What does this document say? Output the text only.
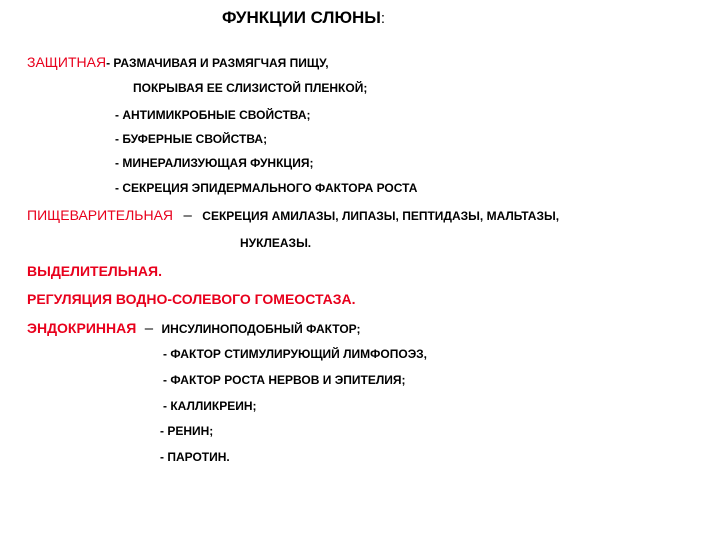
ФУНКЦИИ СЛЮНЫ:
ЗАЩИТНАЯ- РАЗМАЧИВАЯ И РАЗМЯГЧАЯ ПИЩУ,
ПОКРЫВАЯ ЕЕ СЛИЗИСТОЙ ПЛЕНКОЙ;
- АНТИМИКРОБНЫЕ СВОЙСТВА;
- БУФЕРНЫЕ СВОЙСТВА;
- МИНЕРАЛИЗУЮЩАЯ ФУНКЦИЯ;
- СЕКРЕЦИЯ ЭПИДЕРМАЛЬНОГО ФАКТОРА РОСТА
ПИЩЕВАРИТЕЛЬНАЯ – СЕКРЕЦИЯ АМИЛАЗЫ, ЛИПАЗЫ, ПЕПТИДАЗЫ, МАЛЬТАЗЫ,
НУКЛЕАЗЫ.
ВЫДЕЛИТЕЛЬНАЯ.
РЕГУЛЯЦИЯ ВОДНО-СОЛЕВОГО ГОМЕОСТАЗА.
ЭНДОКРИННАЯ – ИНСУЛИНОПОДОБНЫЙ ФАКТОР;
- ФАКТОР СТИМУЛИРУЮЩИЙ ЛИМФОПОЭЗ,
- ФАКТОР РОСТА НЕРВОВ И ЭПИТЕЛИЯ;
- КАЛЛИКРЕИН;
- РЕНИН;
- ПАРОТИН.
